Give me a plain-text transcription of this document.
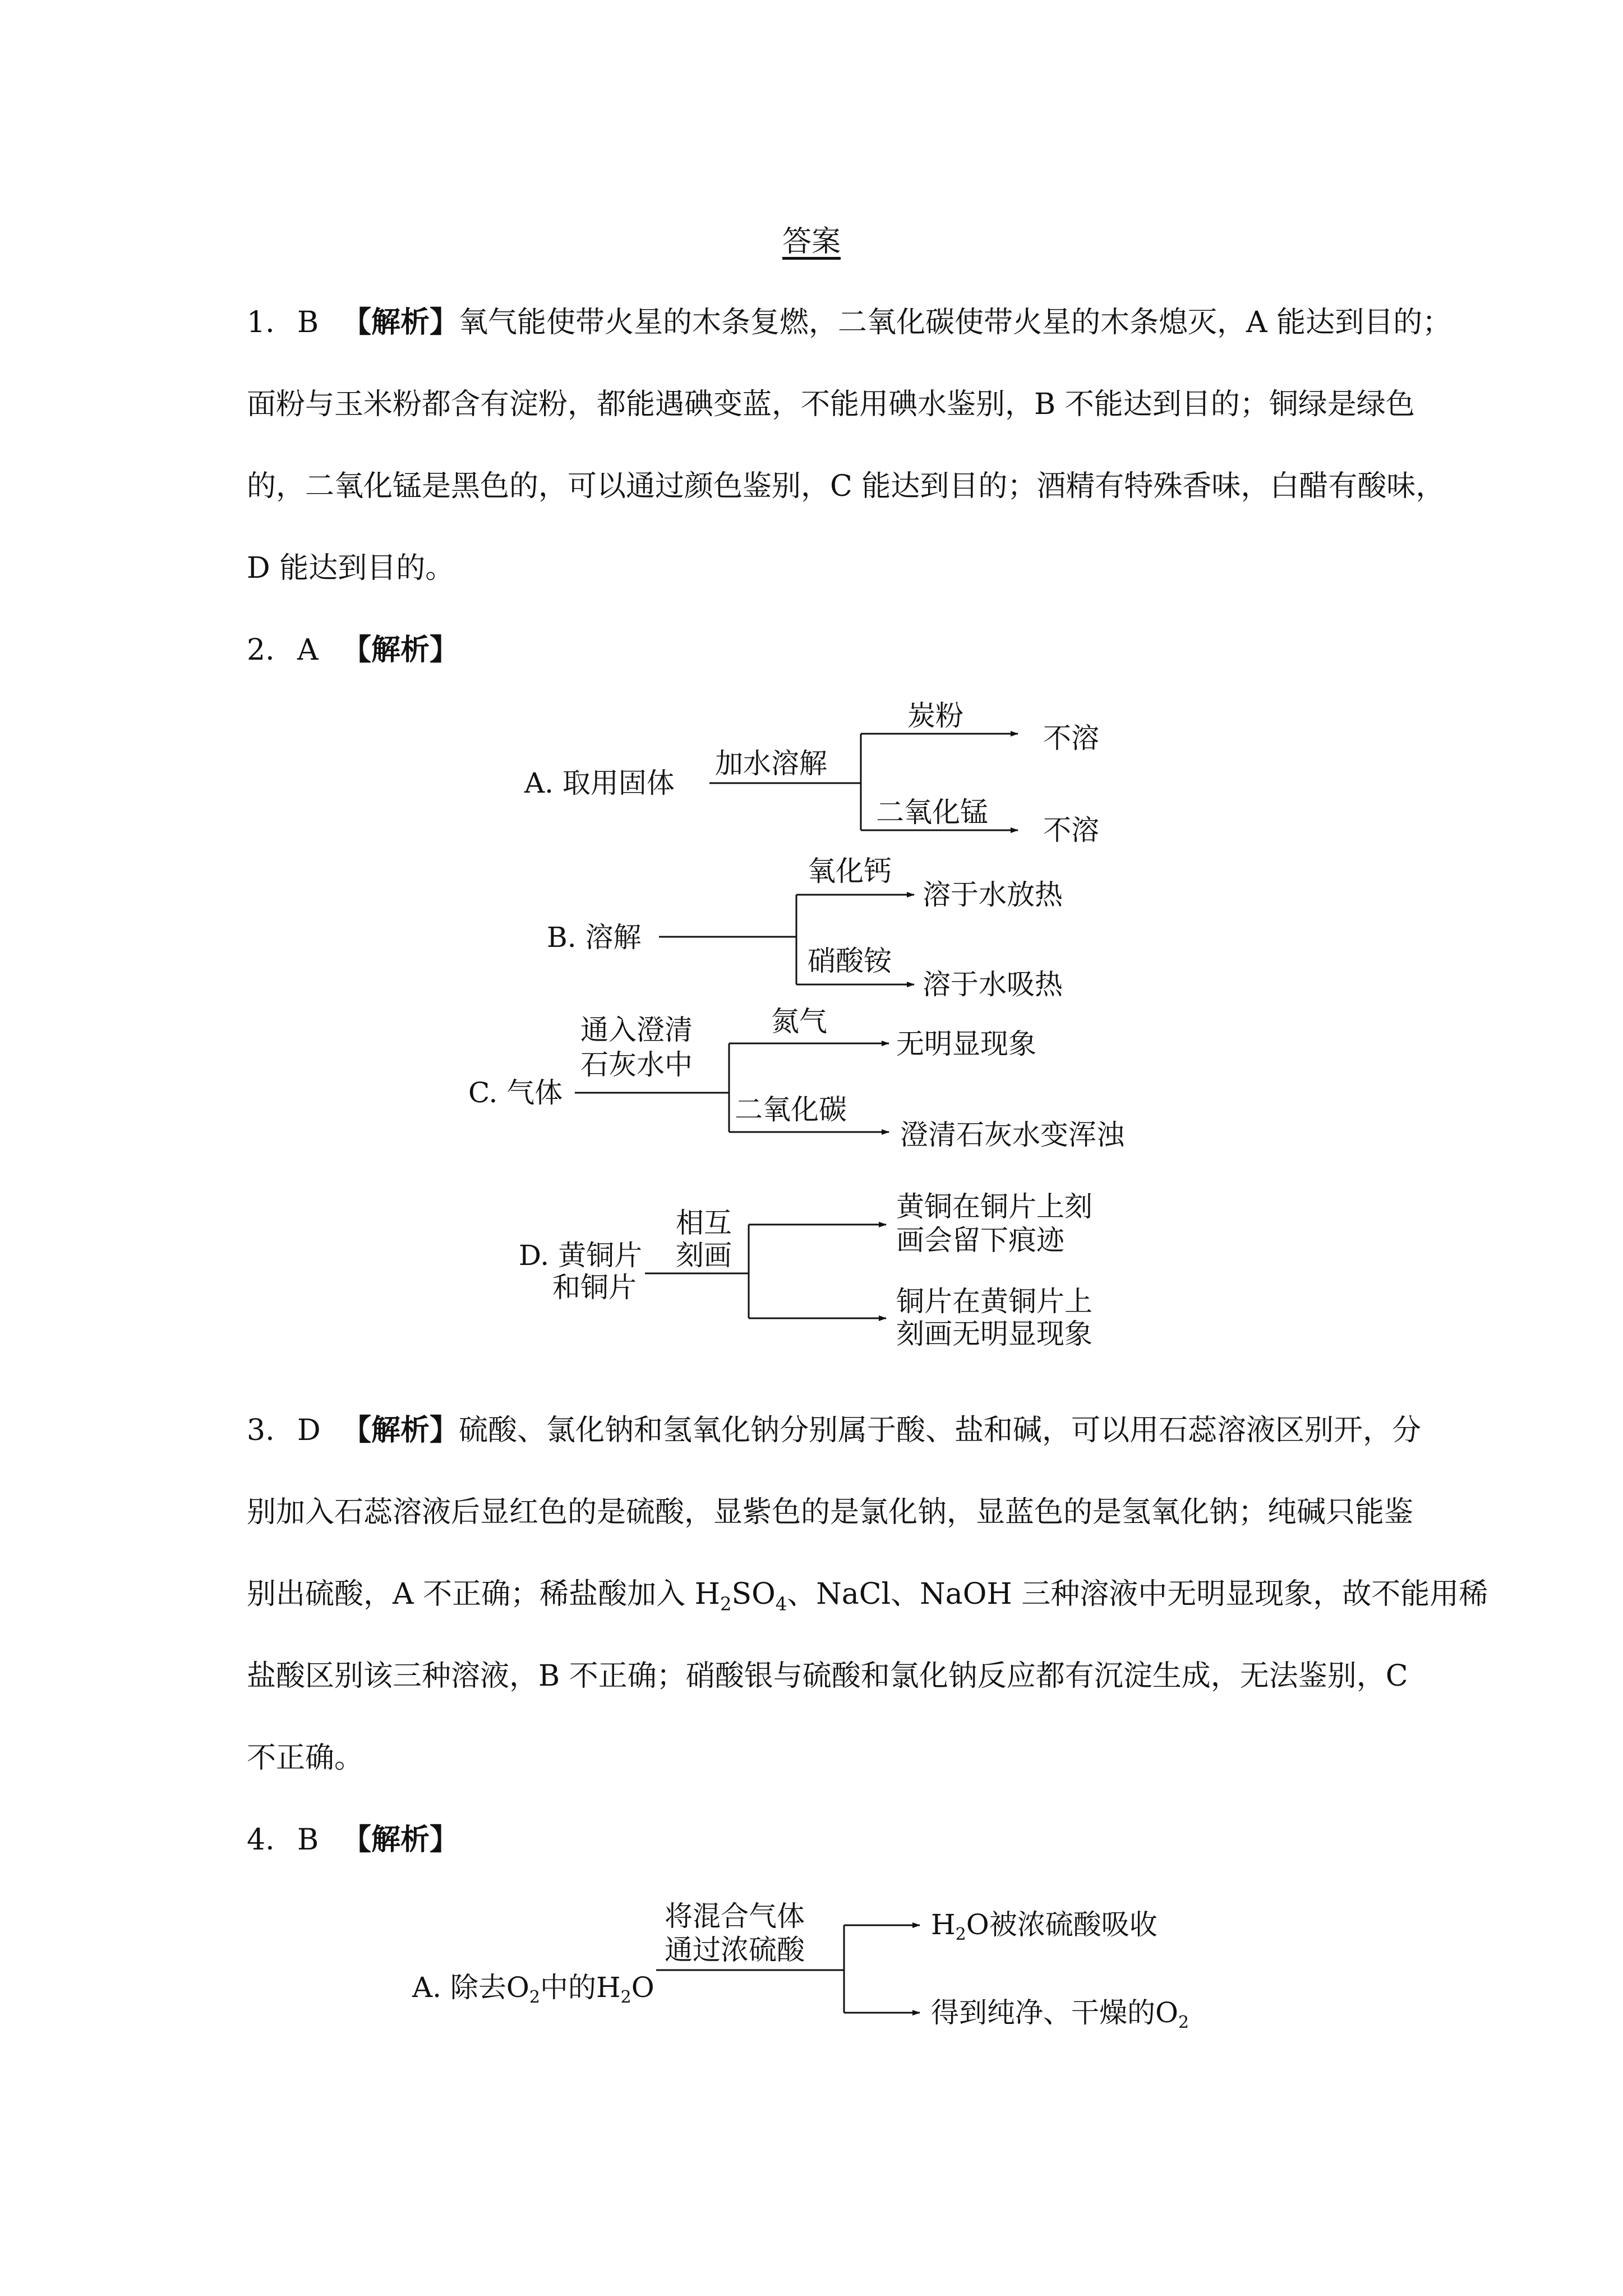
答案
1. B 【解析】氧气能使带火星的木条复燃，二氧化碳使带火星的木条熄灭，A 能达到目的；
面粉与玉米粉都含有淀粉，都能遇碘变蓝，不能用碘水鉴别，B 不能达到目的；铜绿是绿色
的，二氧化锰是黑色的，可以通过颜色鉴别，C 能达到目的；酒精有特殊香味，白醋有酸味，
D 能达到目的。
2. A 【解析】
A. 取用固体
加水溶解
炭粉
二氧化锰
不溶
不溶
B. 溶解
氧化钙
硝酸铵
溶于水放热
溶于水吸热
通入澄清
石灰水中
C. 气体
氮气
二氧化碳
无明显现象
澄清石灰水变浑浊
相互
刻画
D. 黄铜片
和铜片
黄铜在铜片上刻
画会留下痕迹
铜片在黄铜片上
刻画无明显现象
将混合气体
通过浓硫酸
A. 除去$O_2$中的$H_2O$
$H_2O$被浓硫酸吸收
得到纯净、干燥的$O_2$
3. D 【解析】硫酸、氯化钠和氢氧化钠分别属于酸、盐和碱，可以用石蕊溶液区别开，分
别加入石蕊溶液后显红色的是硫酸，显紫色的是氯化钠，显蓝色的是氢氧化钠；纯碱只能鉴
别出硫酸，A 不正确；稀盐酸加入 $H_2SO_4$、NaCl、NaOH 三种溶液中无明显现象，故不能用稀
盐酸区别该三种溶液，B 不正确；硝酸银与硫酸和氯化钠反应都有沉淀生成，无法鉴别，C
不正确。
4. B 【解析】
